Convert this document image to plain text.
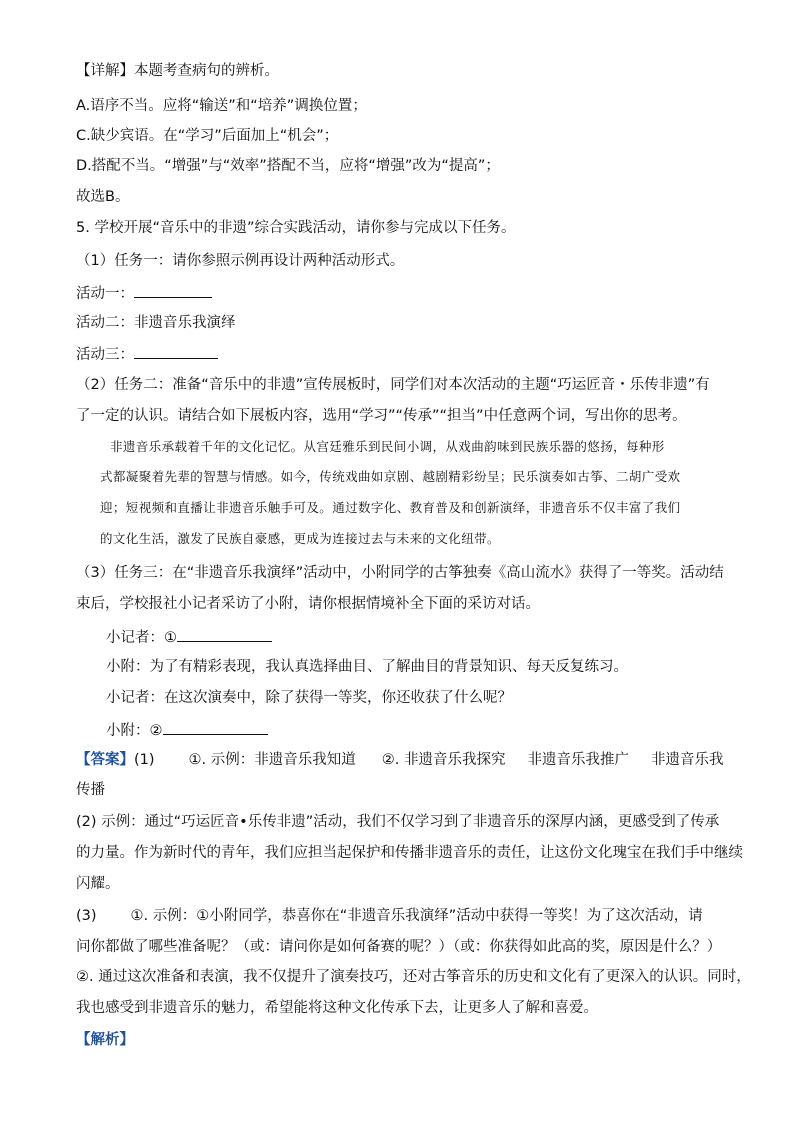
【详解】本题考查病句的辨析。
A.语序不当。应将“输送”和“培养”调换位置；
C.缺少宾语。在“学习”后面加上“机会”；
D.搭配不当。“增强”与“效率”搭配不当，应将“增强”改为“提高”；
故选B。
5. 学校开展“音乐中的非遗”综合实践活动，请你参与完成以下任务。
（1）任务一：请你参照示例再设计两种活动形式。
活动一：
活动二：非遗音乐我演绎
活动三：
（2）任务二：准备“音乐中的非遗”宣传展板时，同学们对本次活动的主题“巧运匠音・乐传非遗”有
了一定的认识。请结合如下展板内容，选用“学习”“传承”“担当”中任意两个词，写出你的思考。
非遗音乐承载着千年的文化记忆。从宫廷雅乐到民间小调，从戏曲韵味到民族乐器的悠扬，每种形
式都凝聚着先辈的智慧与情感。如今，传统戏曲如京剧、越剧精彩纷呈；民乐演奏如古筝、二胡广受欢
迎；短视频和直播让非遗音乐触手可及。通过数字化、教育普及和创新演绎，非遗音乐不仅丰富了我们
的文化生活，激发了民族自豪感，更成为连接过去与未来的文化纽带。
（3）任务三：在“非遗音乐我演绎”活动中，小附同学的古筝独奏《高山流水》获得了一等奖。活动结
束后，学校报社小记者采访了小附，请你根据情境补全下面的采访对话。
小记者：①
小附：为了有精彩表现，我认真选择曲目、了解曲目的背景知识、每天反复练习。
小记者：在这次演奏中，除了获得一等奖，你还收获了什么呢？
小附：②
【答案】(1) ①. 示例：非遗音乐我知道 ②. 非遗音乐我探究 非遗音乐我推广 非遗音乐我
传播
(2) 示例：通过“巧运匠音•乐传非遗”活动，我们不仅学习到了非遗音乐的深厚内涵，更感受到了传承
的力量。作为新时代的青年，我们应担当起保护和传播非遗音乐的责任，让这份文化瑰宝在我们手中继续
闪耀。
(3) ①. 示例：①小附同学，恭喜你在“非遗音乐我演绎”活动中获得一等奖！为了这次活动，请
问你都做了哪些准备呢？（或：请问你是如何备赛的呢？）（或：你获得如此高的奖，原因是什么？）
②. 通过这次准备和表演，我不仅提升了演奏技巧，还对古筝音乐的历史和文化有了更深入的认识。同时，
我也感受到非遗音乐的魅力，希望能将这种文化传承下去，让更多人了解和喜爱。
【解析】
